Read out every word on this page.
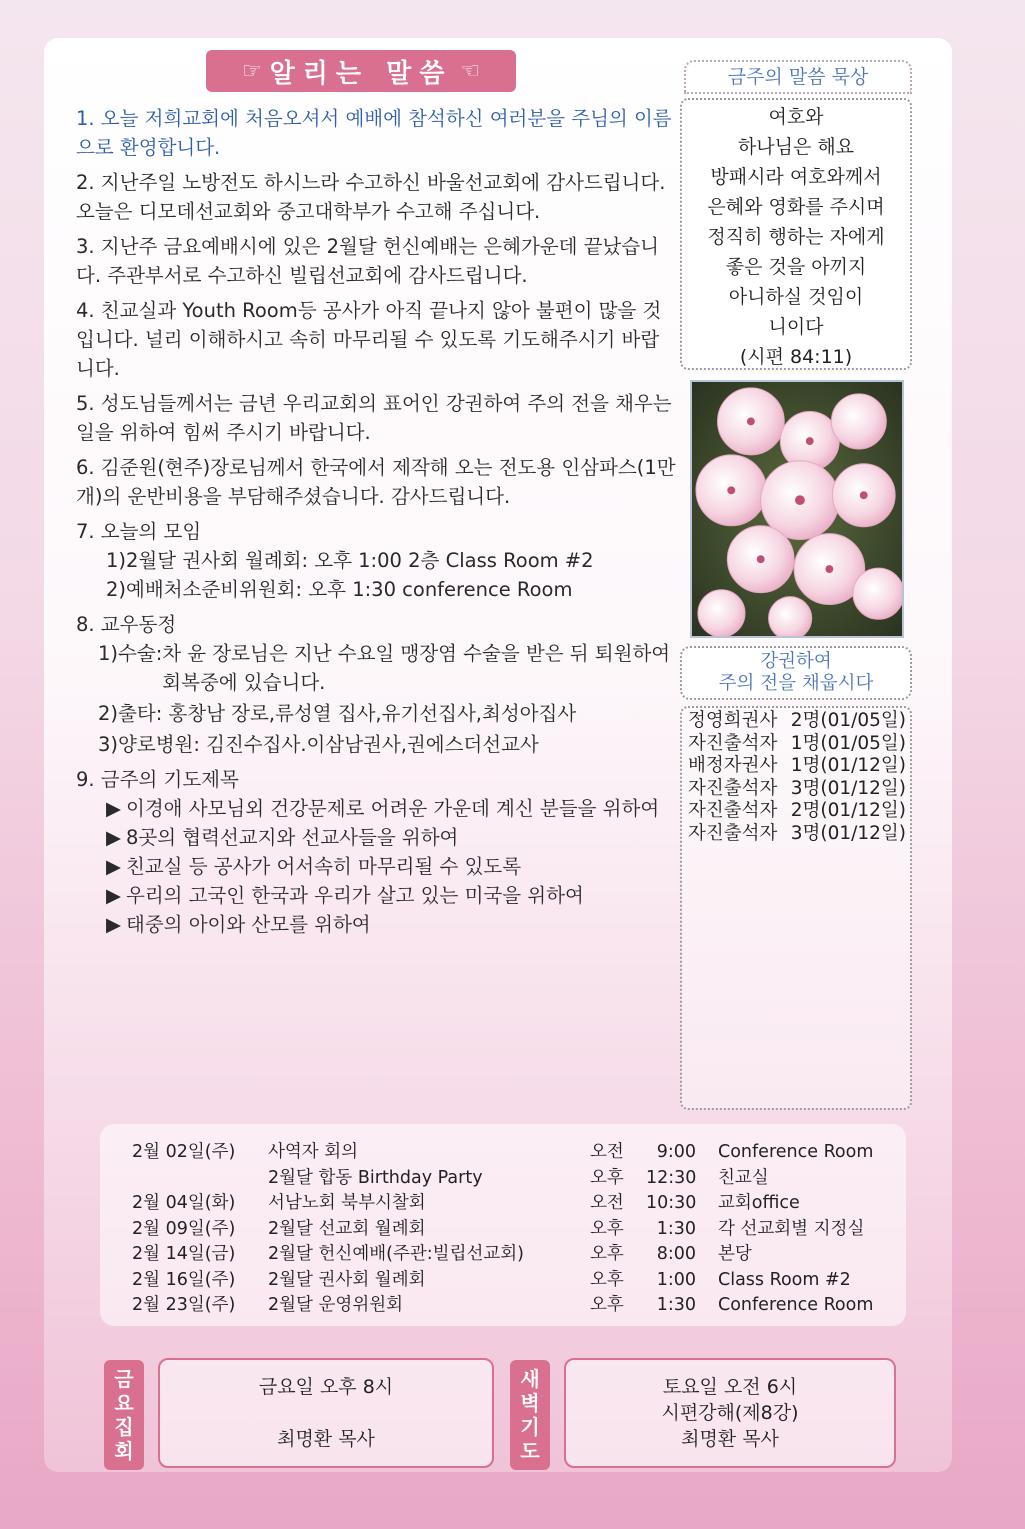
☞ 알리는 말씀 ☜
1. 오늘 저희교회에 처음오셔서 예배에 참석하신 여러분을 주님의 이름으로 환영합니다.
2. 지난주일 노방전도 하시느라 수고하신 바울선교회에 감사드립니다. 오늘은 디모데선교회와 중고대학부가 수고해 주십니다.
3. 지난주 금요예배시에 있은 2월달 헌신예배는 은혜가운데 끝났습니다. 주관부서로 수고하신 빌립선교회에 감사드립니다.
4. 친교실과 Youth Room등 공사가 아직 끝나지 않아 불편이 많을 것입니다. 널리 이해하시고 속히 마무리될 수 있도록 기도해주시기 바랍니다.
5. 성도님들께서는 금년 우리교회의 표어인 강권하여 주의 전을 채우는 일을 위하여 힘써 주시기 바랍니다.
6. 김준원(현주)장로님께서 한국에서 제작해 오는 전도용 인삼파스(1만개)의 운반비용을 부담해주셨습니다. 감사드립니다.
7. 오늘의 모임
1)2월달 권사회 월례회: 오후 1:00 2층 Class Room #2
2)예배처소준비위원회: 오후 1:30 conference Room
8. 교우동정
1)수술: 차 윤 장로님은 지난 수요일 맹장염 수술을 받은 뒤 퇴원하여 회복중에 있습니다.
2)출타: 홍창남 장로,류성열 집사,유기선집사,최성아집사
3)양로병원: 김진수집사.이삼남권사,권에스더선교사
9. 금주의 기도제목
▶ 이경애 사모님외 건강문제로 어려운 가운데 계신 분들을 위하여
▶ 8곳의 협력선교지와 선교사들을 위하여
▶ 친교실 등 공사가 어서속히 마무리될 수 있도록
▶ 우리의 고국인 한국과 우리가 살고 있는 미국을 위하여
▶ 태중의 아이와 산모를 위하여
금주의 말씀 묵상
여호와
하나님은 해요
방패시라 여호와께서
은혜와 영화를 주시며
정직히 행하는 자에게
좋은 것을 아끼지
아니하실 것임이
니이다
(시편 84:11)
강권하여
주의 전을 채웁시다
정영희권사 2명(01/05일)
자진출석자 1명(01/05일)
배정자권사 1명(01/12일)
자진출석자 3명(01/12일)
자진출석자 2명(01/12일)
자진출석자 3명(01/12일)
2월 02일(주) 사역자 회의	오전	9:00 Conference Room
2월달 합동 Birthday Party	오후 12:30 친교실
2월 04일(화) 서남노회 북부시찰회	오전 10:30 교회office
2월 09일(주) 2월달 선교회 월례회	오후	1:30 각 선교회별 지정실
2월 14일(금) 2월달 헌신예배(주관:빌립선교회)	오후	8:00 본당
2월 16일(주) 2월달 권사회 월례회	오후	1:00 Class Room #2
2월 23일(주) 2월달 운영위원회	오후	1:30 Conference Room
금
요
집
회
금요일 오후 8시
최명환 목사
새
벽
기
도
토요일 오전 6시
시편강해(제8강)
최명환 목사
